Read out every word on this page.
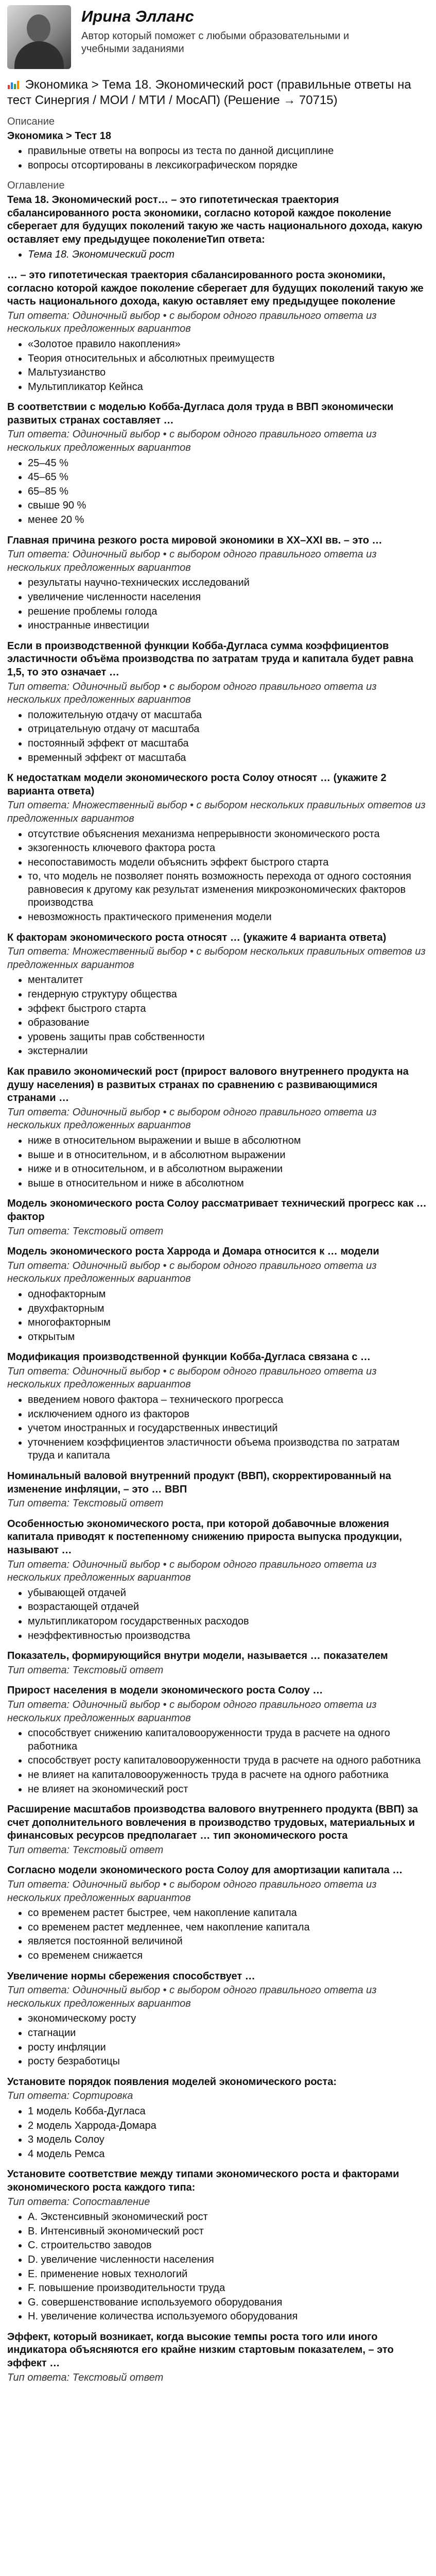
Ирина Элланс
Автор который поможет с любыми образовательными и учебными заданиями
Экономика > Тема 18. Экономический рост (правильные ответы на тест Синергия / МОИ / МТИ / МосАП) (Решение → 70715)
Описание
Экономика > Тест 18
• правильные ответы на вопросы из теста по данной дисциплине
• вопросы отсортированы в лексикографическом порядке
Оглавление
Тема 18. Экономический рост… – это гипотетическая траектория сбалансированного роста экономики, согласно которой каждое поколение сберегает для будущих поколений такую же часть национального дохода, какую оставляет ему предыдущее поколениеТип ответа:
• Тема 18. Экономический рост
… – это гипотетическая траектория сбалансированного роста экономики, согласно которой каждое поколение сберегает для будущих поколений такую же часть национального дохода, какую оставляет ему предыдущее поколение
Тип ответа: Одиночный выбор • с выбором одного правильного ответа из нескольких предложенных вариантов
• «Золотое правило накопления»
• Теория относительных и абсолютных преимуществ
• Мальтузианство
• Мультипликатор Кейнса
В соответствии с моделью Кобба-Дугласа доля труда в ВВП экономически развитых странах составляет …
Тип ответа: Одиночный выбор • с выбором одного правильного ответа из нескольких предложенных вариантов
• 25–45 %
• 45–65 %
• 65–85 %
• свыше 90 %
• менее 20 %
Главная причина резкого роста мировой экономики в XX–XXI вв. – это …
Тип ответа: Одиночный выбор • с выбором одного правильного ответа из нескольких предложенных вариантов
• результаты научно-технических исследований
• увеличение численности населения
• решение проблемы голода
• иностранные инвестиции
Если в производственной функции Кобба-Дугласа сумма коэффициентов эластичности объёма производства по затратам труда и капитала будет равна 1,5, то это означает …
Тип ответа: Одиночный выбор • с выбором одного правильного ответа из нескольких предложенных вариантов
• положительную отдачу от масштаба
• отрицательную отдачу от масштаба
• постоянный эффект от масштаба
• временный эффект от масштаба
К недостаткам модели экономического роста Солоу относят … (укажите 2 варианта ответа)
Тип ответа: Множественный выбор • с выбором нескольких правильных ответов из предложенных вариантов
• отсутствие объяснения механизма непрерывности экономического роста
• экзогенность ключевого фактора роста
• несопоставимость модели объяснить эффект быстрого старта
• то, что модель не позволяет понять возможность перехода от одного состояния равновесия к другому как результат изменения микроэкономических факторов производства
• невозможность практического применения модели
К факторам экономического роста относят … (укажите 4 варианта ответа)
Тип ответа: Множественный выбор • с выбором нескольких правильных ответов из предложенных вариантов
• менталитет
• гендерную структуру общества
• эффект быстрого старта
• образование
• уровень защиты прав собственности
• экстерналии
Как правило экономический рост (прирост валового внутреннего продукта на душу населения) в развитых странах по сравнению с развивающимися странами …
Тип ответа: Одиночный выбор • с выбором одного правильного ответа из нескольких предложенных вариантов
• ниже в относительном выражении и выше в абсолютном
• выше и в относительном, и в абсолютном выражении
• ниже и в относительном, и в абсолютном выражении
• выше в относительном и ниже в абсолютном
Модель экономического роста Солоу рассматривает технический прогресс как … фактор
Тип ответа: Текстовый ответ
Модель экономического роста Харрода и Домара относится к … модели
Тип ответа: Одиночный выбор • с выбором одного правильного ответа из нескольких предложенных вариантов
• однофакторным
• двухфакторным
• многофакторным
• открытым
Модификация производственной функции Кобба-Дугласа связана с …
Тип ответа: Одиночный выбор • с выбором одного правильного ответа из нескольких предложенных вариантов
• введением нового фактора – технического прогресса
• исключением одного из факторов
• учетом иностранных и государственных инвестиций
• уточнением коэффициентов эластичности объема производства по затратам труда и капитала
Номинальный валовой внутренний продукт (ВВП), скорректированный на изменение инфляции, – это … ВВП
Тип ответа: Текстовый ответ
Особенностью экономического роста, при которой добавочные вложения капитала приводят к постепенному снижению прироста выпуска продукции, называют …
Тип ответа: Одиночный выбор • с выбором одного правильного ответа из нескольких предложенных вариантов
• убывающей отдачей
• возрастающей отдачей
• мультипликатором государственных расходов
• неэффективностью производства
Показатель, формирующийся внутри модели, называется … показателем
Тип ответа: Текстовый ответ
Прирост населения в модели экономического роста Солоу …
Тип ответа: Одиночный выбор • с выбором одного правильного ответа из нескольких предложенных вариантов
• способствует снижению капиталовооруженности труда в расчете на одного работника
• способствует росту капиталовооруженности труда в расчете на одного работника
• не влияет на капиталовооруженность труда в расчете на одного работника
• не влияет на экономический рост
Расширение масштабов производства валового внутреннего продукта (ВВП) за счет дополнительного вовлечения в производство трудовых, материальных и финансовых ресурсов предполагает … тип экономического роста
Тип ответа: Текстовый ответ
Согласно модели экономического роста Солоу для амортизации капитала …
Тип ответа: Одиночный выбор • с выбором одного правильного ответа из нескольких предложенных вариантов
• со временем растет быстрее, чем накопление капитала
• со временем растет медленнее, чем накопление капитала
• является постоянной величиной
• со временем снижается
Увеличение нормы сбережения способствует …
Тип ответа: Одиночный выбор • с выбором одного правильного ответа из нескольких предложенных вариантов
• экономическому росту
• стагнации
• росту инфляции
• росту безработицы
Установите порядок появления моделей экономического роста:
Тип ответа: Сортировка
• 1 модель Кобба-Дугласа
• 2 модель Харрода-Домара
• 3 модель Солоу
• 4 модель Ремса
Установите соответствие между типами экономического роста и факторами экономического роста каждого типа:
Тип ответа: Сопоставление
• A. Экстенсивный экономический рост
• B. Интенсивный экономический рост
• C. строительство заводов
• D. увеличение численности населения
• E. применение новых технологий
• F. повышение производительности труда
• G. совершенствование используемого оборудования
• H. увеличение количества используемого оборудования
Эффект, который возникает, когда высокие темпы роста того или иного индикатора объясняются его крайне низким стартовым показателем, – это эффект …
Тип ответа: Текстовый ответ
